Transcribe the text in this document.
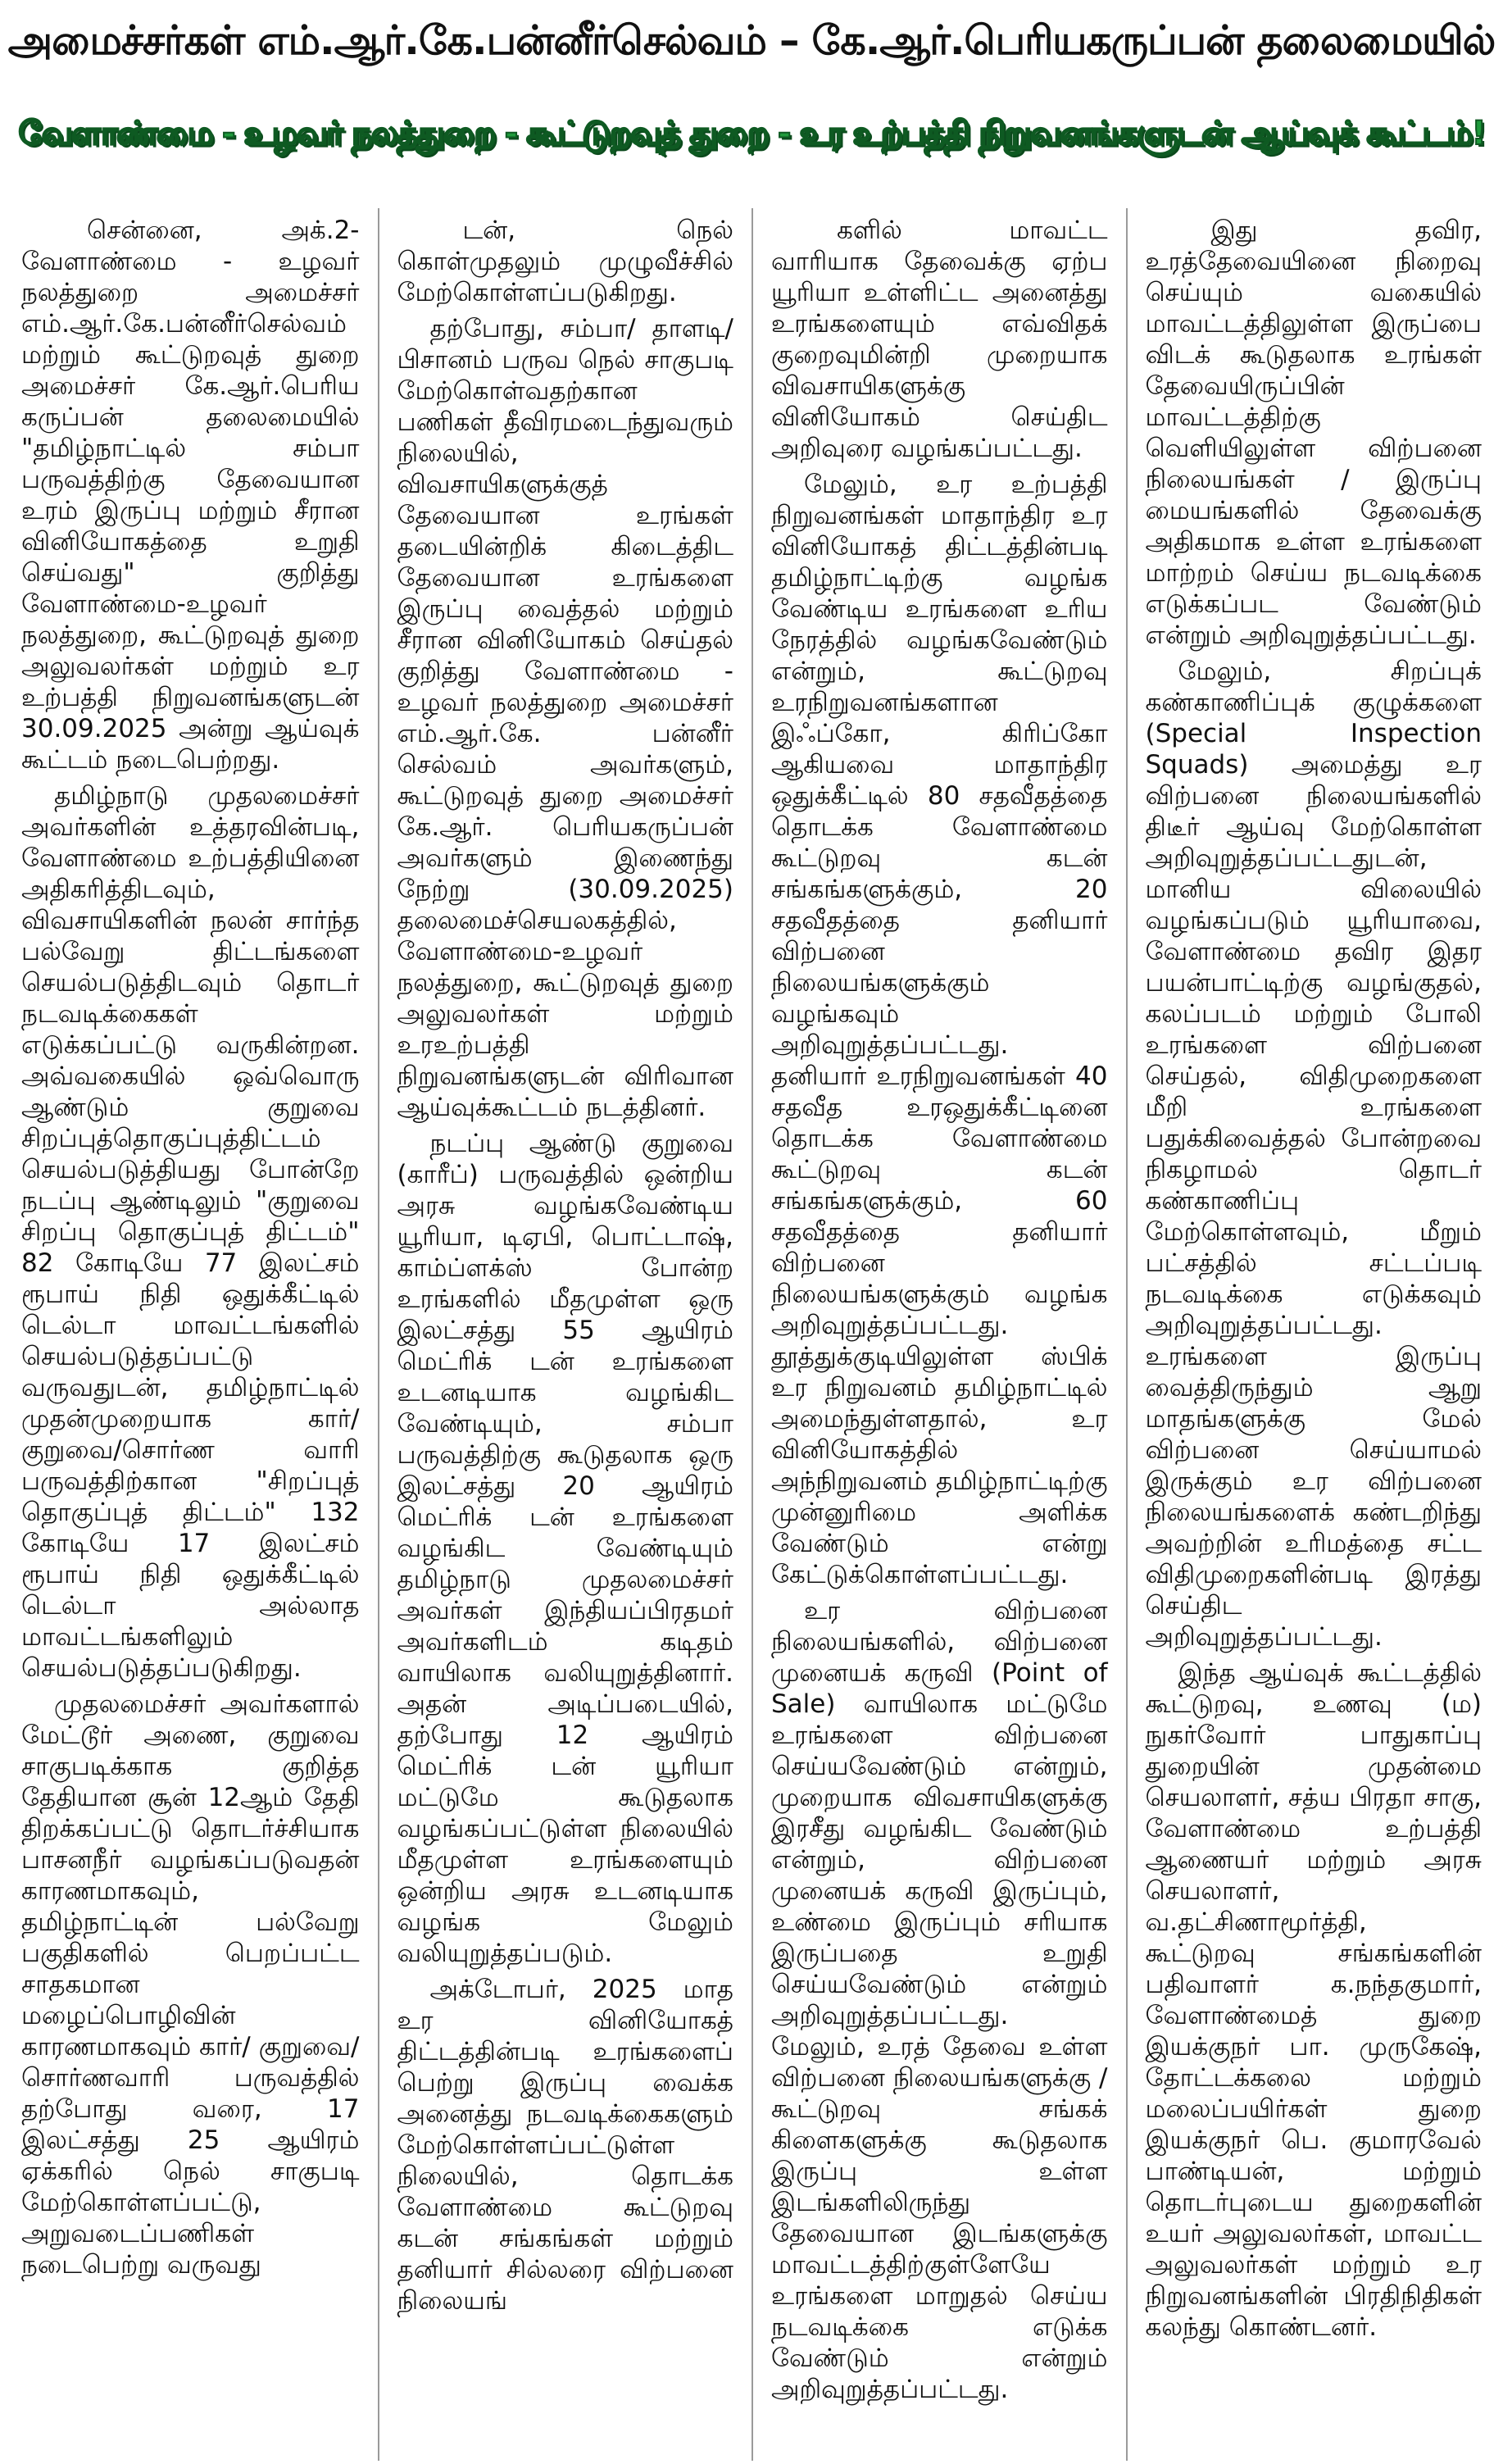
அமைச்சர்கள் எம்.ஆர்.கே.பன்னீர்செல்வம் – கே.ஆர்.பெரியகருப்பன் தலைமையில்
வேளாண்மை - உழவர் நலத்துறை - கூட்டுறவுத் துறை - உர உற்பத்தி நிறுவனங்களுடன் ஆய்வுக் கூட்டம்!

சென்னை, அக்.2- வேளாண்மை - உழவர் நலத்துறை அமைச்சர் எம்.ஆர்.கே.பன்னீர்செல்வம் மற்றும் கூட்டுறவுத் துறை அமைச்சர் கே.ஆர்.பெரிய கருப்பன் தலைமையில் "தமிழ்நாட்டில் சம்பா பருவத்திற்கு தேவையான உரம் இருப்பு மற்றும் சீரான வினியோகத்தை உறுதி செய்வது" குறித்து வேளாண்மை-உழவர் நலத்துறை, கூட்டுறவுத் துறை அலுவலர்கள் மற்றும் உர உற்பத்தி நிறுவனங்களுடன் 30.09.2025 அன்று ஆய்வுக் கூட்டம் நடைபெற்றது.

தமிழ்நாடு முதலமைச்சர் அவர்களின் உத்தரவின்படி, வேளாண்மை உற்பத்தியினை அதிகரித்திடவும், விவசாயிகளின் நலன் சார்ந்த பல்வேறு திட்டங்களை செயல்படுத்திடவும் தொடர் நடவடிக்கைகள் எடுக்கப்பட்டு வருகின்றன. அவ்வகையில் ஒவ்வொரு ஆண்டும் குறுவை சிறப்புத்தொகுப்புத்திட்டம் செயல்படுத்தியது போன்றே நடப்பு ஆண்டிலும் "குறுவை சிறப்பு தொகுப்புத் திட்டம்" 82 கோடியே 77 இலட்சம் ரூபாய் நிதி ஒதுக்கீட்டில் டெல்டா மாவட்டங்களில் செயல்படுத்தப்பட்டு வருவதுடன், தமிழ்நாட்டில் முதன்முறையாக கார்/ குறுவை/சொர்ண வாரி பருவத்திற்கான "சிறப்புத் தொகுப்புத் திட்டம்" 132 கோடியே 17 இலட்சம் ரூபாய் நிதி ஒதுக்கீட்டில் டெல்டா அல்லாத மாவட்டங்களிலும் செயல்படுத்தப்படுகிறது.

முதலமைச்சர் அவர்களால் மேட்டூர் அணை, குறுவை சாகுபடிக்காக குறித்த தேதியான சூன் 12ஆம் தேதி திறக்கப்பட்டு தொடர்ச்சியாக பாசனநீர் வழங்கப்படுவதன் காரணமாகவும், தமிழ்நாட்டின் பல்வேறு பகுதிகளில் பெறப்பட்ட சாதகமான மழைப்பொழிவின் காரணமாகவும் கார்/ குறுவை/ சொர்ணவாரி பருவத்தில் தற்போது வரை, 17 இலட்சத்து 25 ஆயிரம் ஏக்கரில் நெல் சாகுபடி மேற்கொள்ளப்பட்டு, அறுவடைப்பணிகள் நடைபெற்று வருவது

டன், நெல் கொள்முதலும் முழுவீச்சில் மேற்கொள்ளப்படுகிறது.

தற்போது, சம்பா/ தாளடி/பிசானம் பருவ நெல் சாகுபடி மேற்கொள்வதற்கான பணிகள் தீவிரமடைந்துவரும் நிலையில், விவசாயிகளுக்குத் தேவையான உரங்கள் தடையின்றிக் கிடைத்திட தேவையான உரங்களை இருப்பு வைத்தல் மற்றும் சீரான வினியோகம் செய்தல் குறித்து வேளாண்மை - உழவர் நலத்துறை அமைச்சர் எம்.ஆர்.கே. பன்னீர் செல்வம் அவர்களும், கூட்டுறவுத் துறை அமைச்சர் கே.ஆர். பெரியகருப்பன் அவர்களும் இணைந்து நேற்று (30.09.2025) தலைமைச்செயலகத்தில், வேளாண்மை-உழவர் நலத்துறை, கூட்டுறவுத் துறை அலுவலர்கள் மற்றும் உரஉற்பத்தி நிறுவனங்களுடன் விரிவான ஆய்வுக்கூட்டம் நடத்தினர்.

நடப்பு ஆண்டு குறுவை (காரீப்) பருவத்தில் ஒன்றிய அரசு வழங்கவேண்டிய யூரியா, டிஏபி, பொட்டாஷ், காம்ப்ளக்ஸ் போன்ற உரங்களில் மீதமுள்ள ஒரு இலட்சத்து 55 ஆயிரம் மெட்ரிக் டன் உரங்களை உடனடியாக வழங்கிட வேண்டியும், சம்பா பருவத்திற்கு கூடுதலாக ஒரு இலட்சத்து 20 ஆயிரம் மெட்ரிக் டன் உரங்களை வழங்கிட வேண்டியும் தமிழ்நாடு முதலமைச்சர் அவர்கள் இந்தியப்பிரதமர் அவர்களிடம் கடிதம் வாயிலாக வலியுறுத்தினார். அதன் அடிப்படையில், தற்போது 12 ஆயிரம் மெட்ரிக் டன் யூரியா மட்டுமே கூடுதலாக வழங்கப்பட்டுள்ள நிலையில் மீதமுள்ள உரங்களையும் ஒன்றிய அரசு உடனடியாக வழங்க மேலும் வலியுறுத்தப்படும்.

அக்டோபர், 2025 மாத உர வினியோகத் திட்டத்தின்படி உரங்களைப் பெற்று இருப்பு வைக்க அனைத்து நடவடிக்கைகளும் மேற்கொள்ளப்பட்டுள்ள நிலையில், தொடக்க வேளாண்மை கூட்டுறவு கடன் சங்கங்கள் மற்றும் தனியார் சில்லரை விற்பனை நிலையங்

களில் மாவட்ட வாரியாக தேவைக்கு ஏற்ப யூரியா உள்ளிட்ட அனைத்து உரங்களையும் எவ்விதக் குறைவுமின்றி முறையாக விவசாயிகளுக்கு வினியோகம் செய்திட அறிவுரை வழங்கப்பட்டது.

மேலும், உர உற்பத்தி நிறுவனங்கள் மாதாந்திர உர வினியோகத் திட்டத்தின்படி தமிழ்நாட்டிற்கு வழங்க வேண்டிய உரங்களை உரிய நேரத்தில் வழங்கவேண்டும் என்றும், கூட்டுறவு உரநிறுவனங்களான இஃப்கோ, கிரிப்கோ ஆகியவை மாதாந்திர ஒதுக்கீட்டில் 80 சதவீதத்தை தொடக்க வேளாண்மை கூட்டுறவு கடன் சங்கங்களுக்கும், 20 சதவீதத்தை தனியார் விற்பனை நிலையங்களுக்கும் வழங்கவும் அறிவுறுத்தப்பட்டது. தனியார் உரநிறுவனங்கள் 40 சதவீத உரஒதுக்கீட்டினை தொடக்க வேளாண்மை கூட்டுறவு கடன் சங்கங்களுக்கும், 60 சதவீதத்தை தனியார் விற்பனை நிலையங்களுக்கும் வழங்க அறிவுறுத்தப்பட்டது. தூத்துக்குடியிலுள்ள ஸ்பிக் உர நிறுவனம் தமிழ்நாட்டில் அமைந்துள்ளதால், உர வினியோகத்தில் அந்நிறுவனம் தமிழ்நாட்டிற்கு முன்னுரிமை அளிக்க வேண்டும் என்று கேட்டுக்கொள்ளப்பட்டது.

உர விற்பனை நிலையங்களில், விற்பனை முனையக் கருவி (Point of Sale) வாயிலாக மட்டுமே உரங்களை விற்பனை செய்யவேண்டும் என்றும், முறையாக விவசாயிகளுக்கு இரசீது வழங்கிட வேண்டும் என்றும், விற்பனை முனையக் கருவி இருப்பும், உண்மை இருப்பும் சரியாக இருப்பதை உறுதி செய்யவேண்டும் என்றும் அறிவுறுத்தப்பட்டது. மேலும், உரத் தேவை உள்ள விற்பனை நிலையங்களுக்கு / கூட்டுறவு சங்கக் கிளைகளுக்கு கூடுதலாக இருப்பு உள்ள இடங்களிலிருந்து தேவையான இடங்களுக்கு மாவட்டத்திற்குள்ளேயே உரங்களை மாறுதல் செய்ய நடவடிக்கை எடுக்க வேண்டும் என்றும் அறிவுறுத்தப்பட்டது.

இது தவிர, உரத்தேவையினை நிறைவு செய்யும் வகையில் மாவட்டத்திலுள்ள இருப்பை விடக் கூடுதலாக உரங்கள் தேவையிருப்பின் மாவட்டத்திற்கு வெளியிலுள்ள விற்பனை நிலையங்கள் / இருப்பு மையங்களில் தேவைக்கு அதிகமாக உள்ள உரங்களை மாற்றம் செய்ய நடவடிக்கை எடுக்கப்பட வேண்டும் என்றும் அறிவுறுத்தப்பட்டது.

மேலும், சிறப்புக் கண்காணிப்புக் குழுக்களை (Special Inspection Squads) அமைத்து உர விற்பனை நிலையங்களில் திடீர் ஆய்வு மேற்கொள்ள அறிவுறுத்தப்பட்டதுடன், மானிய விலையில் வழங்கப்படும் யூரியாவை, வேளாண்மை தவிர இதர பயன்பாட்டிற்கு வழங்குதல், கலப்படம் மற்றும் போலி உரங்களை விற்பனை செய்தல், விதிமுறைகளை மீறி உரங்களை பதுக்கிவைத்தல் போன்றவை நிகழாமல் தொடர் கண்காணிப்பு மேற்கொள்ளவும், மீறும் பட்சத்தில் சட்டப்படி நடவடிக்கை எடுக்கவும் அறிவுறுத்தப்பட்டது. உரங்களை இருப்பு வைத்திருந்தும் ஆறு மாதங்களுக்கு மேல் விற்பனை செய்யாமல் இருக்கும் உர விற்பனை நிலையங்களைக் கண்டறிந்து அவற்றின் உரிமத்தை சட்ட விதிமுறைகளின்படி இரத்து செய்திட அறிவுறுத்தப்பட்டது.

இந்த ஆய்வுக் கூட்டத்தில் கூட்டுறவு, உணவு (ம) நுகர்வோர் பாதுகாப்பு துறையின் முதன்மை செயலாளர், சத்ய பிரதா சாகு, வேளாண்மை உற்பத்தி ஆணையர் மற்றும் அரசு செயலாளர், வ.தட்சிணாமூர்த்தி, கூட்டுறவு சங்கங்களின் பதிவாளர் க.நந்தகுமார், வேளாண்மைத் துறை இயக்குநர் பா. முருகேஷ், தோட்டக்கலை மற்றும் மலைப்பயிர்கள் துறை இயக்குநர் பெ. குமாரவேல் பாண்டியன், மற்றும் தொடர்புடைய துறைகளின் உயர் அலுவலர்கள், மாவட்ட அலுவலர்கள் மற்றும் உர நிறுவனங்களின் பிரதிநிதிகள் கலந்து கொண்டனர்.
